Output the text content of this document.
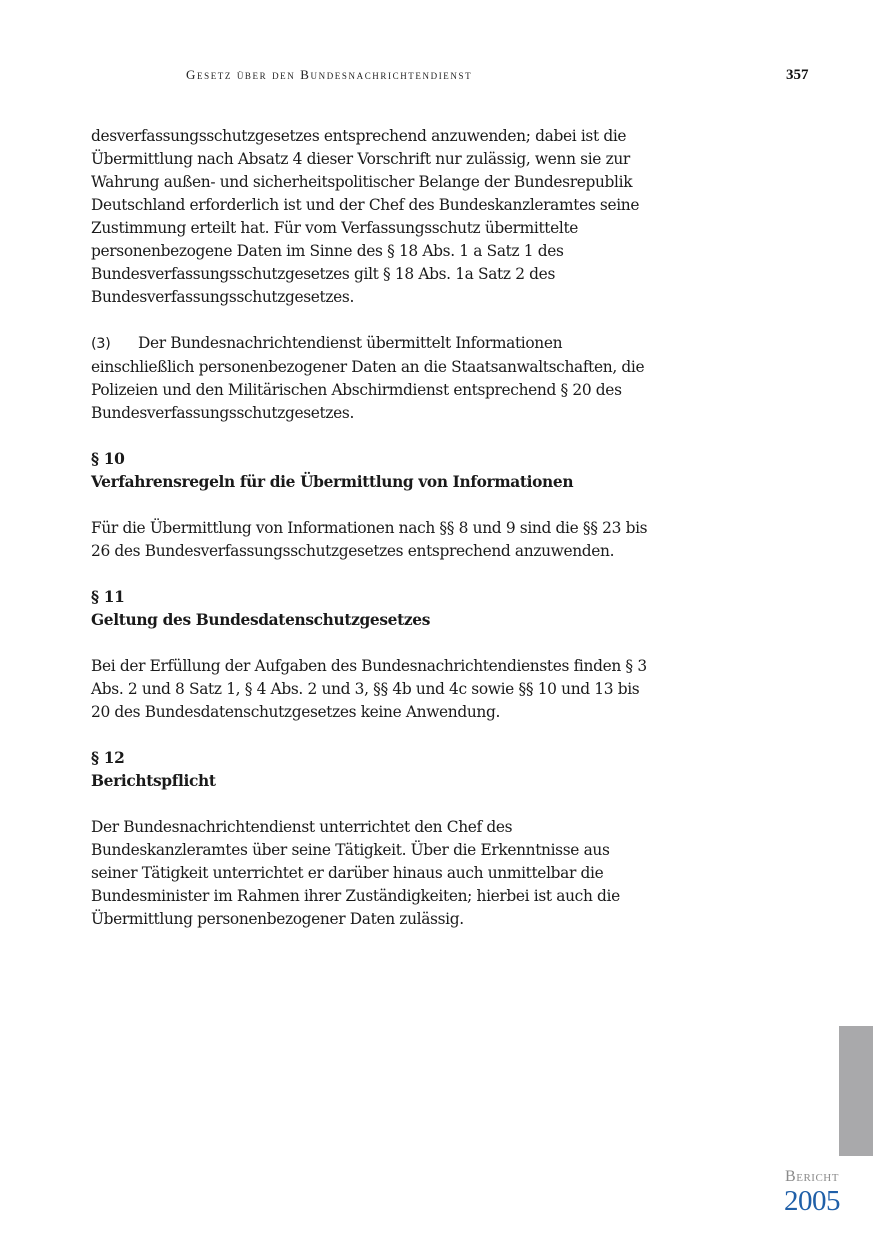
Gesetz über den Bundesnachrichtendienst	357

desverfassungsschutzgesetzes entsprechend anzuwenden; dabei ist die Übermittlung nach Absatz 4 dieser Vorschrift nur zulässig, wenn sie zur Wahrung außen- und sicherheitspolitischer Belange der Bundesrepublik Deutschland erforderlich ist und der Chef des Bundeskanzleramtes seine Zustimmung erteilt hat. Für vom Verfassungsschutz übermittelte personenbezogene Daten im Sinne des § 18 Abs. 1 a Satz 1 des Bundesverfassungsschutzgesetzes gilt § 18 Abs. 1a Satz 2 des Bundesverfassungsschutzgesetzes.

(3) Der Bundesnachrichtendienst übermittelt Informationen einschließlich personenbezogener Daten an die Staatsanwaltschaften, die Polizeien und den Militärischen Abschirmdienst entsprechend § 20 des Bundesverfassungsschutzgesetzes.

§ 10
Verfahrensregeln für die Übermittlung von Informationen

Für die Übermittlung von Informationen nach §§ 8 und 9 sind die §§ 23 bis 26 des Bundesverfassungsschutzgesetzes entsprechend anzuwenden.

§ 11
Geltung des Bundesdatenschutzgesetzes

Bei der Erfüllung der Aufgaben des Bundesnachrichtendienstes finden § 3 Abs. 2 und 8 Satz 1, § 4 Abs. 2 und 3, §§ 4b und 4c sowie §§ 10 und 13 bis 20 des Bundesdatenschutzgesetzes keine Anwendung.

§ 12
Berichtspflicht

Der Bundesnachrichtendienst unterrichtet den Chef des Bundeskanzleramtes über seine Tätigkeit. Über die Erkenntnisse aus seiner Tätigkeit unterrichtet er darüber hinaus auch unmittelbar die Bundesminister im Rahmen ihrer Zuständigkeiten; hierbei ist auch die Übermittlung personenbezogener Daten zulässig.

Bericht
2005
